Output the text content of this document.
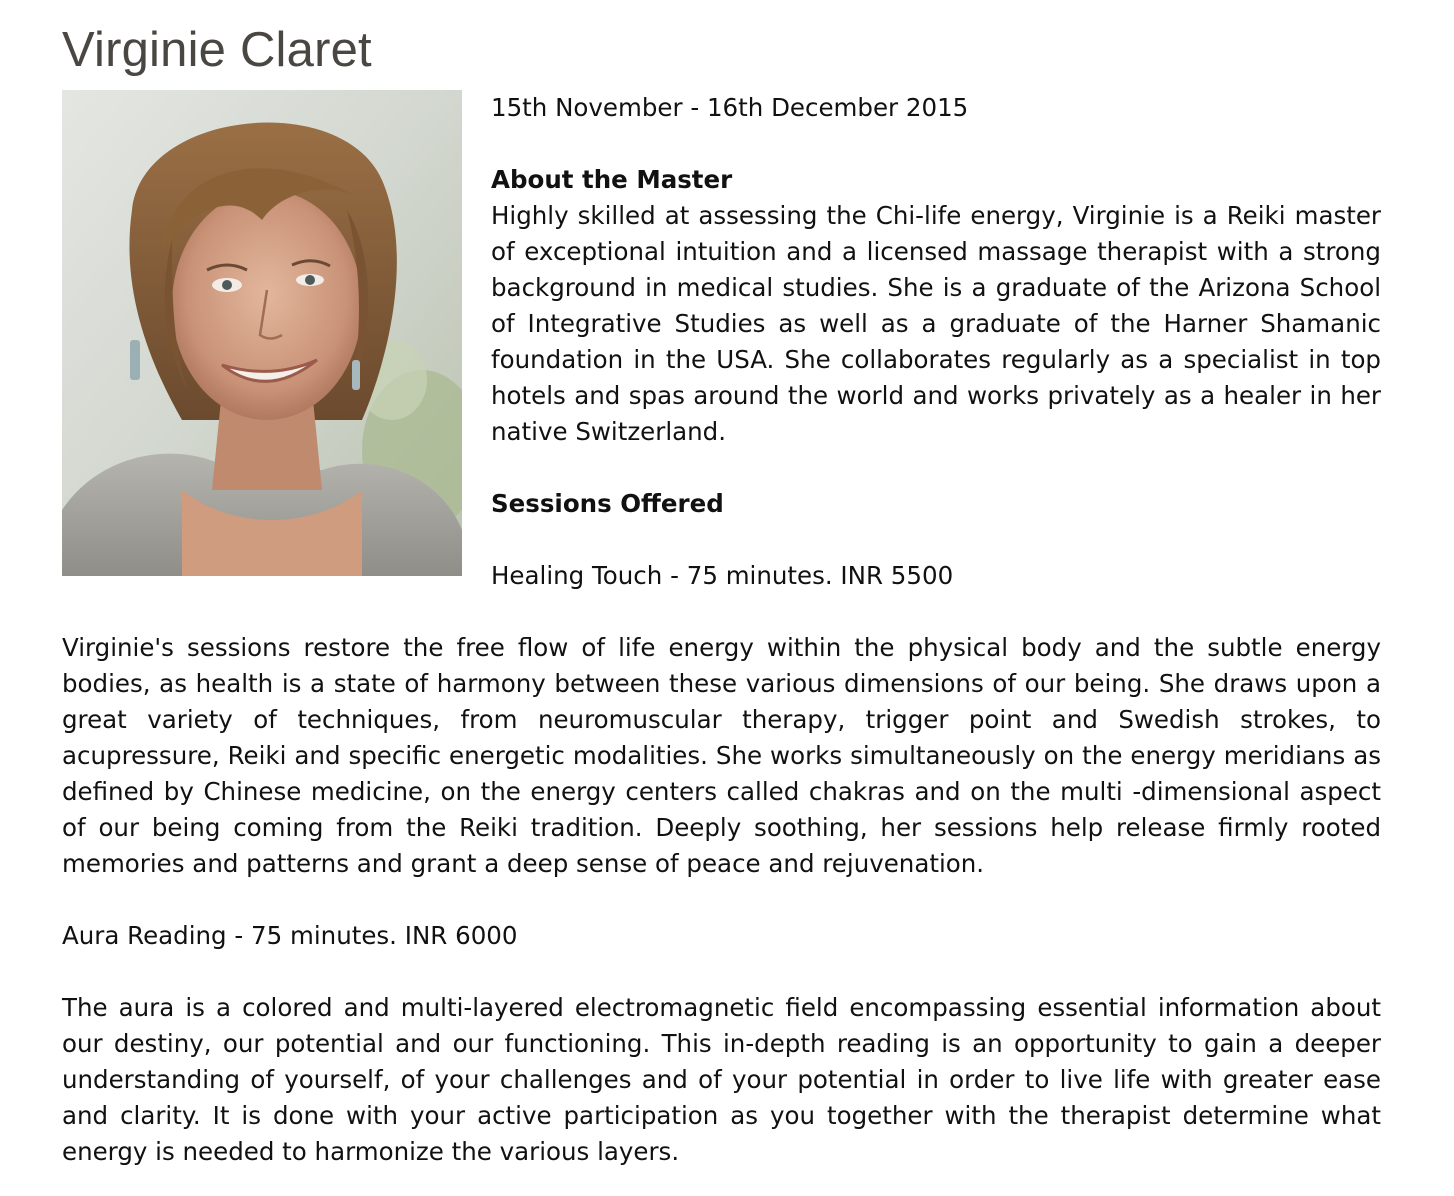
Virginie Claret

15th November - 16th December 2015

About the Master

Highly skilled at assessing the Chi-life energy, Virginie is a Reiki master of exceptional intuition and a licensed massage therapist with a strong background in medical studies. She is a graduate of the Arizona School of Integrative Studies as well as a graduate of the Harner Shamanic foundation in the USA. She collaborates regularly as a specialist in top hotels and spas around the world and works privately as a healer in her native Switzerland.

Sessions Offered

Healing Touch - 75 minutes. INR 5500

Virginie's sessions restore the free flow of life energy within the physical body and the subtle energy bodies, as health is a state of harmony between these various dimensions of our being. She draws upon a great variety of techniques, from neuromuscular therapy, trigger point and Swedish strokes, to acupressure, Reiki and specific energetic modalities. She works simultaneously on the energy meridians as defined by Chinese medicine, on the energy centers called chakras and on the multi -dimensional aspect of our being coming from the Reiki tradition. Deeply soothing, her sessions help release firmly rooted memories and patterns and grant a deep sense of peace and rejuvenation.

Aura Reading - 75 minutes. INR 6000

The aura is a colored and multi-layered electromagnetic field encompassing essential information about our destiny, our potential and our functioning. This in-depth reading is an opportunity to gain a deeper understanding of yourself, of your challenges and of your potential in order to live life with greater ease and clarity. It is done with your active participation as you together with the therapist determine what energy is needed to harmonize the various layers.
